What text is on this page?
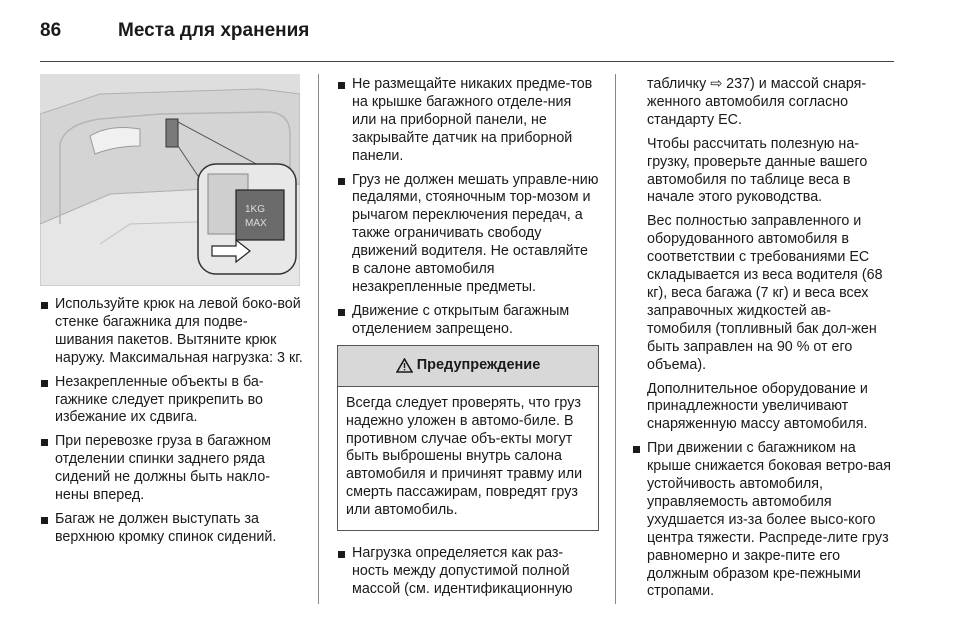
86	Места для хранения
1KG
MAX
Используйте крюк на левой боко-вой стенке багажника для подве-шивания пакетов. Вытяните крюк наружу. Максимальная нагрузка: 3 кг.
Незакрепленные объекты в ба-гажнике следует прикрепить во избежание их сдвига.
При перевозке груза в багажном отделении спинки заднего ряда сидений не должны быть накло-нены вперед.
Багаж не должен выступать за верхнюю кромку спинок сидений.
Не размещайте никаких предме-тов на крышке багажного отделе-ния или на приборной панели, не закрывайте датчик на приборной панели.
Груз не должен мешать управле-нию педалями, стояночным тор-мозом и рычагом переключения передач, а также ограничивать свободу движений водителя. Не оставляйте в салоне автомобиля незакрепленные предметы.
Движение с открытым багажным отделением запрещено.
Предупреждение
Всегда следует проверять, что груз надежно уложен в автомо-биле. В противном случае объ-екты могут быть выброшены внутрь салона автомобиля и причинят травму или смерть пассажирам, повредят груз или автомобиль.
Нагрузка определяется как раз-ность между допустимой полной массой (см. идентификационную

табличку ⇨ 237) и массой снаря-женного автомобиля согласно стандарту ЕС.

Чтобы рассчитать полезную на-грузку, проверьте данные вашего автомобиля по таблице веса в начале этого руководства.

Вес полностью заправленного и оборудованного автомобиля в соответствии с требованиями ЕС складывается из веса водителя (68 кг), веса багажа (7 кг) и веса всех заправочных жидкостей ав-томобиля (топливный бак дол-жен быть заправлен на 90 % от его объема).

Дополнительное оборудование и принадлежности увеличивают снаряженную массу автомобиля.

При движении с багажником на крыше снижается боковая ветро-вая устойчивость автомобиля, управляемость автомобиля ухудшается из-за более высо-кого центра тяжести. Распреде-лите груз равномерно и закре-пите его должным образом кре-пежными стропами.
